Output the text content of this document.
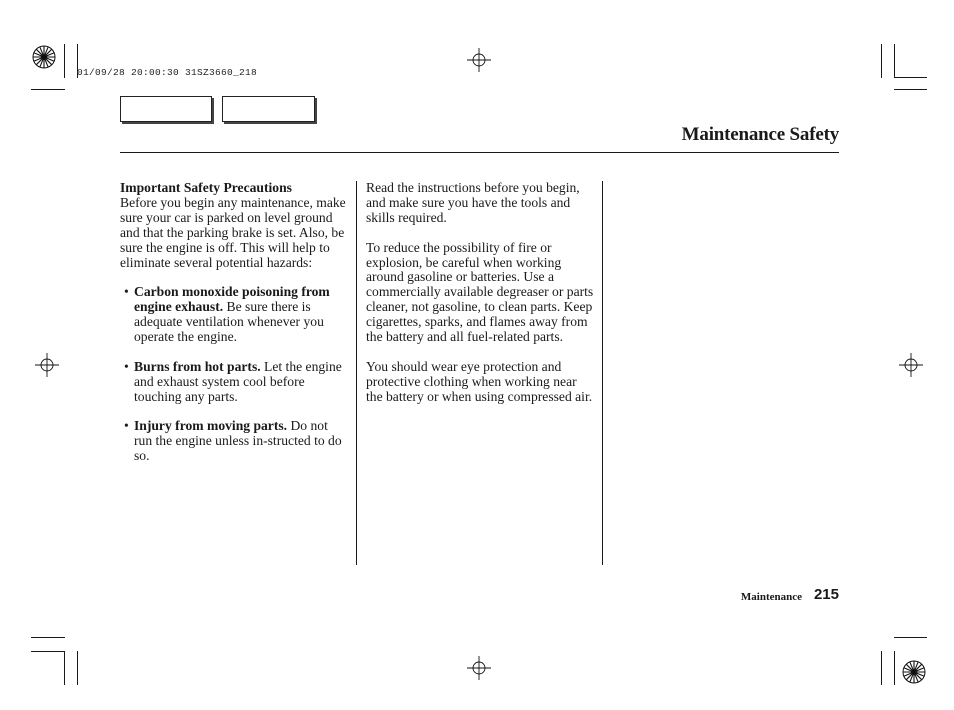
01/09/28 20:00:30 31SZ3660_218
Maintenance Safety

Important Safety Precautions
Before you begin any maintenance, make sure your car is parked on level ground and that the parking brake is set. Also, be sure the engine is off. This will help to eliminate several potential hazards:

• Carbon monoxide poisoning from engine exhaust. Be sure there is adequate ventilation whenever you operate the engine.
• Burns from hot parts. Let the engine and exhaust system cool before touching any parts.
• Injury from moving parts. Do not run the engine unless in-structed to do so.

Read the instructions before you begin, and make sure you have the tools and skills required.

To reduce the possibility of fire or explosion, be careful when working around gasoline or batteries. Use a commercially available degreaser or parts cleaner, not gasoline, to clean parts. Keep cigarettes, sparks, and flames away from the battery and all fuel-related parts.

You should wear eye protection and protective clothing when working near the battery or when using compressed air.

Maintenance 215
